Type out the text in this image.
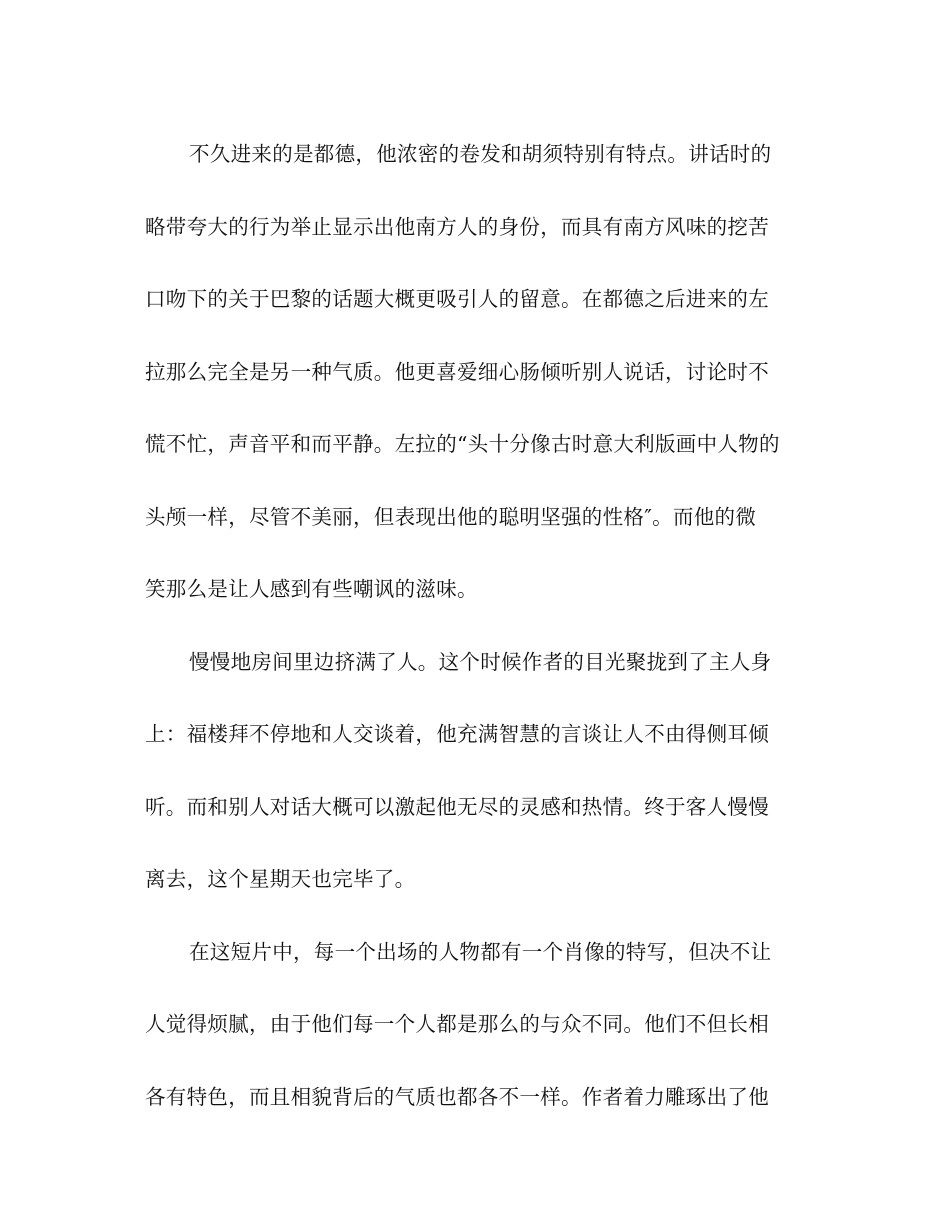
不久进来的是都德，他浓密的卷发和胡须特别有特点。讲话时的
略带夸大的行为举止显示出他南方人的身份，而具有南方风味的挖苦
口吻下的关于巴黎的话题大概更吸引人的留意。在都德之后进来的左
拉那么完全是另一种气质。他更喜爱细心肠倾听别人说话，讨论时不
慌不忙，声音平和而平静。左拉的“头十分像古时意大利版画中人物的
头颅一样，尽管不美丽，但表现出他的聪明坚强的性格″。而他的微
笑那么是让人感到有些嘲讽的滋味。

慢慢地房间里边挤满了人。这个时候作者的目光聚拢到了主人身
上：福楼拜不停地和人交谈着，他充满智慧的言谈让人不由得侧耳倾
听。而和别人对话大概可以激起他无尽的灵感和热情。终于客人慢慢
离去，这个星期天也完毕了。

在这短片中，每一个出场的人物都有一个肖像的特写，但决不让
人觉得烦腻，由于他们每一个人都是那么的与众不同。他们不但长相
各有特色，而且相貌背后的气质也都各不一样。作者着力雕琢出了他
